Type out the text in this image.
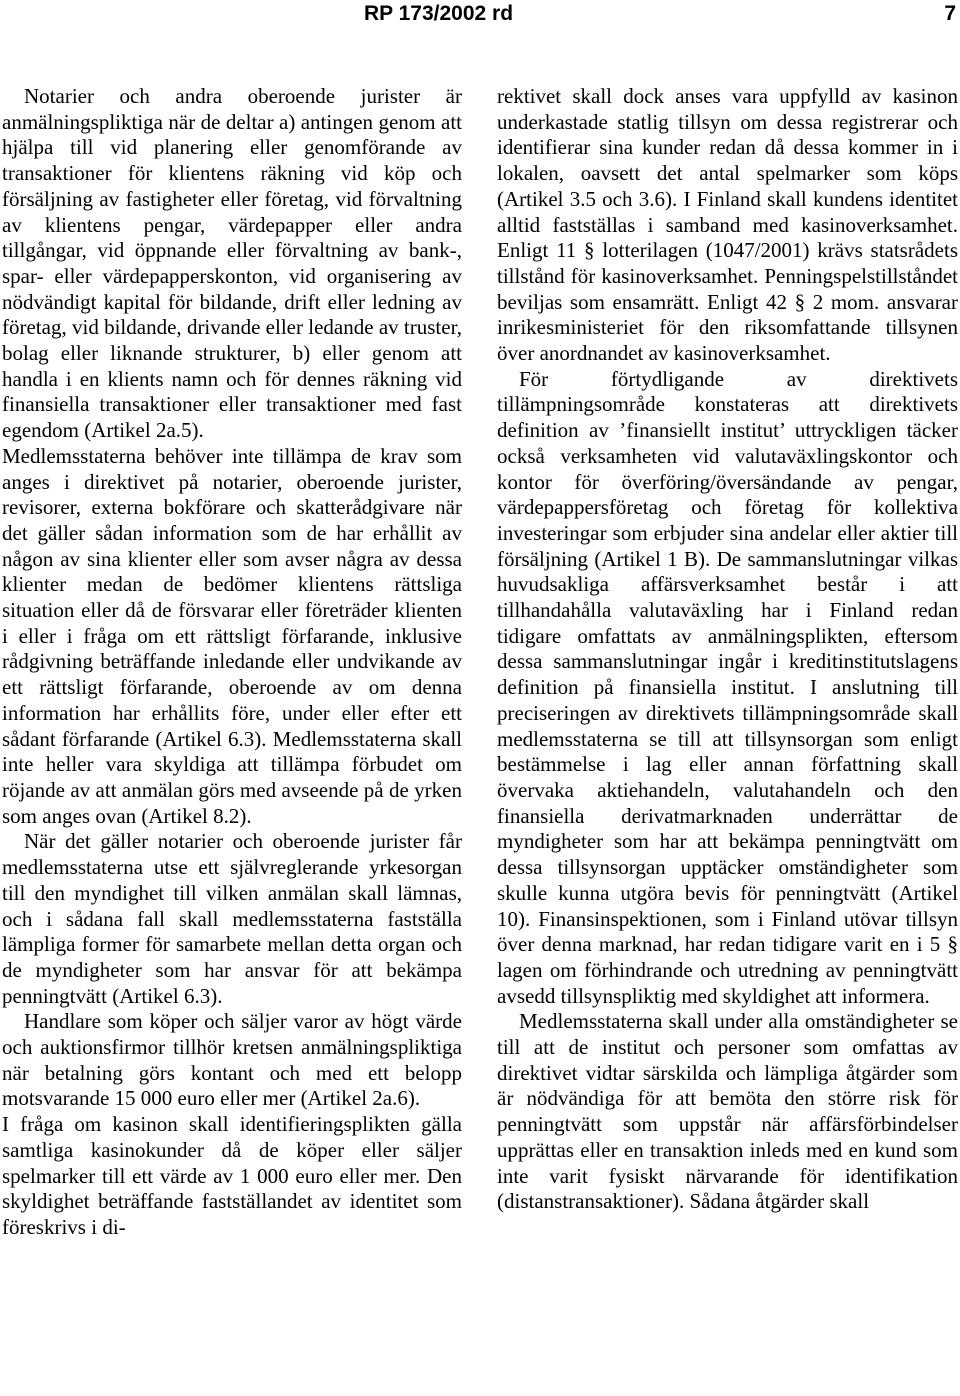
RP 173/2002 rd	7

Notarier och andra oberoende jurister är anmälningspliktiga när de deltar a) antingen genom att hjälpa till vid planering eller genomförande av transaktioner för klientens räkning vid köp och försäljning av fastigheter eller företag, vid förvaltning av klientens pengar, värdepapper eller andra tillgångar, vid öppnande eller förvaltning av bank-, spar- eller värdepapperskonton, vid organisering av nödvändigt kapital för bildande, drift eller ledning av företag, vid bildande, drivande eller ledande av truster, bolag eller liknande strukturer, b) eller genom att handla i en klients namn och för dennes räkning vid finansiella transaktioner eller transaktioner med fast egendom (Artikel 2a.5).

Medlemsstaterna behöver inte tillämpa de krav som anges i direktivet på notarier, oberoende jurister, revisorer, externa bokförare och skatterådgivare när det gäller sådan information som de har erhållit av någon av sina klienter eller som avser några av dessa klienter medan de bedömer klientens rättsliga situation eller då de försvarar eller företräder klienten i eller i fråga om ett rättsligt förfarande, inklusive rådgivning beträffande inledande eller undvikande av ett rättsligt förfarande, oberoende av om denna information har erhållits före, under eller efter ett sådant förfarande (Artikel 6.3). Medlemsstaterna skall inte heller vara skyldiga att tillämpa förbudet om röjande av att anmälan görs med avseende på de yrken som anges ovan (Artikel 8.2).

När det gäller notarier och oberoende jurister får medlemsstaterna utse ett självreglerande yrkesorgan till den myndighet till vilken anmälan skall lämnas, och i sådana fall skall medlemsstaterna fastställa lämpliga former för samarbete mellan detta organ och de myndigheter som har ansvar för att bekämpa penningtvätt (Artikel 6.3).

Handlare som köper och säljer varor av högt värde och auktionsfirmor tillhör kretsen anmälningspliktiga när betalning görs kontant och med ett belopp motsvarande 15 000 euro eller mer (Artikel 2a.6).

I fråga om kasinon skall identifieringsplikten gälla samtliga kasinokunder då de köper eller säljer spelmarker till ett värde av 1 000 euro eller mer. Den skyldighet beträffande fastställandet av identitet som föreskrivs i di-

rektivet skall dock anses vara uppfylld av kasinon underkastade statlig tillsyn om dessa registrerar och identifierar sina kunder redan då dessa kommer in i lokalen, oavsett det antal spelmarker som köps (Artikel 3.5 och 3.6). I Finland skall kundens identitet alltid fastställas i samband med kasinoverksamhet. Enligt 11 § lotterilagen (1047/2001) krävs statsrådets tillstånd för kasinoverksamhet. Penningspelstillståndet beviljas som ensamrätt. Enligt 42 § 2 mom. ansvarar inrikesministeriet för den riksomfattande tillsynen över anordnandet av kasinoverksamhet.

För förtydligande av direktivets tillämpningsområde konstateras att direktivets definition av ’finansiellt institut’ uttryckligen täcker också verksamheten vid valutaväxlingskontor och kontor för överföring/översändande av pengar, värdepappersföretag och företag för kollektiva investeringar som erbjuder sina andelar eller aktier till försäljning (Artikel 1 B). De sammanslutningar vilkas huvudsakliga affärsverksamhet består i att tillhandahålla valutaväxling har i Finland redan tidigare omfattats av anmälningsplikten, eftersom dessa sammanslutningar ingår i kreditinstitutslagens definition på finansiella institut. I anslutning till preciseringen av direktivets tillämpningsområde skall medlemsstaterna se till att tillsynsorgan som enligt bestämmelse i lag eller annan författning skall övervaka aktiehandeln, valutahandeln och den finansiella derivatmarknaden underrättar de myndigheter som har att bekämpa penningtvätt om dessa tillsynsorgan upptäcker omständigheter som skulle kunna utgöra bevis för penningtvätt (Artikel 10). Finansinspektionen, som i Finland utövar tillsyn över denna marknad, har redan tidigare varit en i 5 § lagen om förhindrande och utredning av penningtvätt avsedd tillsynspliktig med skyldighet att informera.

Medlemsstaterna skall under alla omständigheter se till att de institut och personer som omfattas av direktivet vidtar särskilda och lämpliga åtgärder som är nödvändiga för att bemöta den större risk för penningtvätt som uppstår när affärsförbindelser upprättas eller en transaktion inleds med en kund som inte varit fysiskt närvarande för identifikation (distanstransaktioner). Sådana åtgärder skall
